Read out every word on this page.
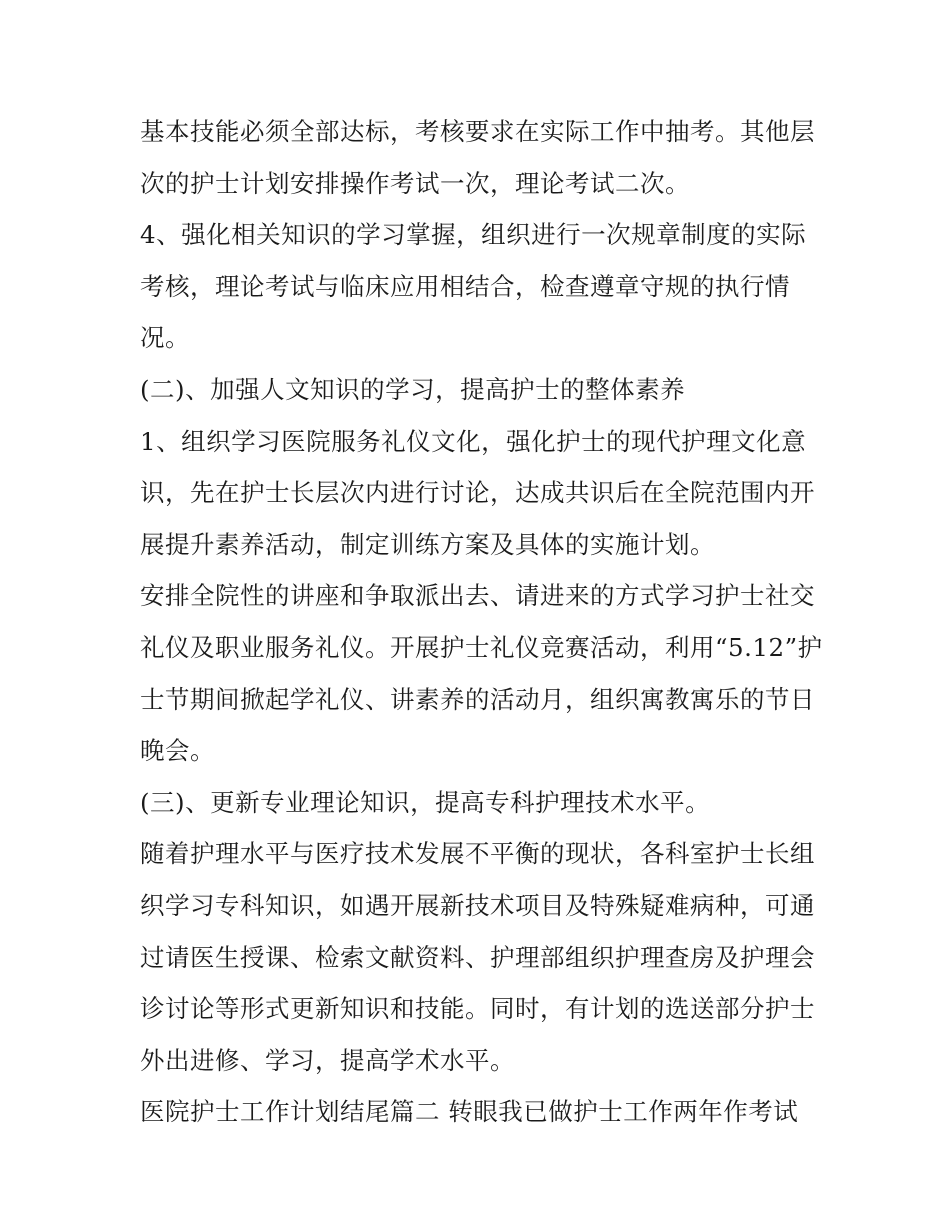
基本技能必须全部达标，考核要求在实际工作中抽考。其他层
次的护士计划安排操作考试一次，理论考试二次。
4、强化相关知识的学习掌握，组织进行一次规章制度的实际
考核，理论考试与临床应用相结合，检查遵章守规的执行情
况。
(二)、加强人文知识的学习，提高护士的整体素养
1、组织学习医院服务礼仪文化，强化护士的现代护理文化意
识，先在护士长层次内进行讨论，达成共识后在全院范围内开
展提升素养活动，制定训练方案及具体的实施计划。
安排全院性的讲座和争取派出去、请进来的方式学习护士社交
礼仪及职业服务礼仪。开展护士礼仪竞赛活动，利用“5.12”护
士节期间掀起学礼仪、讲素养的活动月，组织寓教寓乐的节日
晚会。
(三)、更新专业理论知识，提高专科护理技术水平。
随着护理水平与医疗技术发展不平衡的现状，各科室护士长组
织学习专科知识，如遇开展新技术项目及特殊疑难病种，可通
过请医生授课、检索文献资料、护理部组织护理查房及护理会
诊讨论等形式更新知识和技能。同时，有计划的选送部分护士
外出进修、学习，提高学术水平。
医院护士工作计划结尾篇二 转眼我已做护士工作两年作考试
